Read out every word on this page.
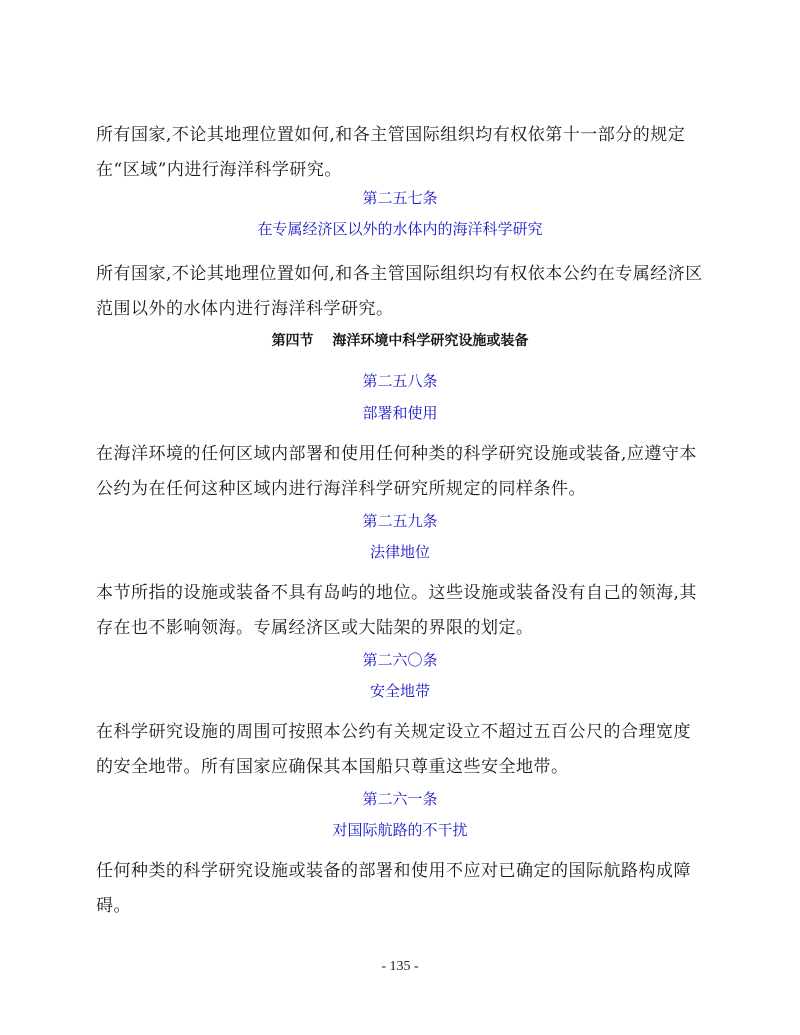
所有国家,不论其地理位置如何,和各主管国际组织均有权依第十一部分的规定在“区域”内进行海洋科学研究。

第二五七条

在专属经济区以外的水体内的海洋科学研究

所有国家,不论其地理位置如何,和各主管国际组织均有权依本公约在专属经济区范围以外的水体内进行海洋科学研究。

第四节 海洋环境中科学研究设施或装备

第二五八条

部署和使用

在海洋环境的任何区域内部署和使用任何种类的科学研究设施或装备,应遵守本公约为在任何这种区域内进行海洋科学研究所规定的同样条件。

第二五九条

法律地位

本节所指的设施或装备不具有岛屿的地位。这些设施或装备没有自己的领海,其存在也不影响领海。专属经济区或大陆架的界限的划定。

第二六〇条

安全地带

在科学研究设施的周围可按照本公约有关规定设立不超过五百公尺的合理宽度的安全地带。所有国家应确保其本国船只尊重这些安全地带。

第二六一条

对国际航路的不干扰

任何种类的科学研究设施或装备的部署和使用不应对已确定的国际航路构成障碍。

- 135 -
